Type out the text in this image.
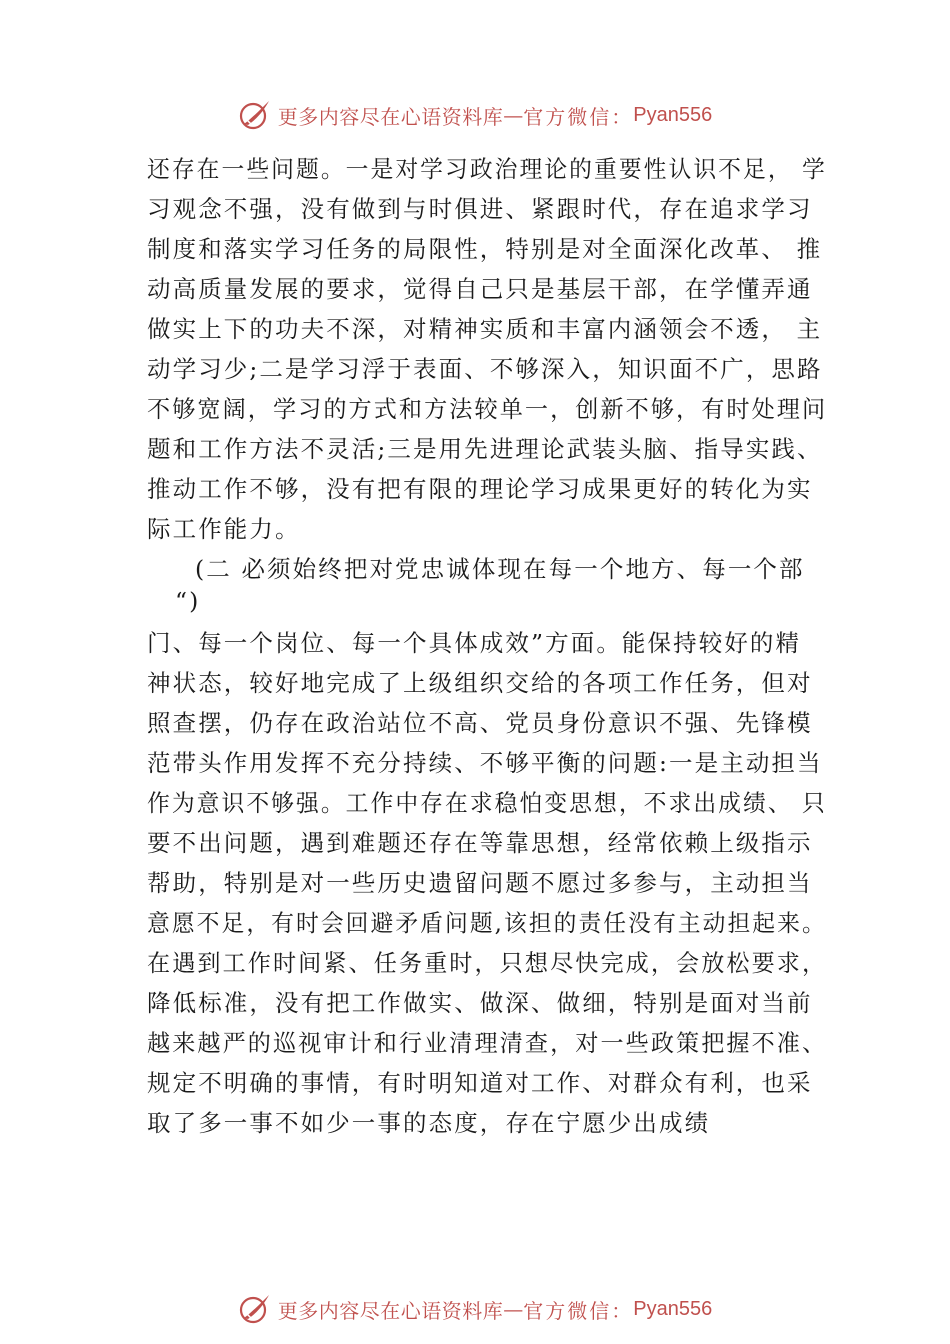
更多内容尽在心语资料库 — 官方微信： Pyan556
还存在一些问题。一是对学习政治理论的重要性认识不足， 学
习观念不强，没有做到与时俱进、紧跟时代，存在追求学习
制度和落实学习任务的局限性，特别是对全面深化改革、 推
动高质量发展的要求，觉得自己只是基层干部，在学懂弄通
做实上下的功夫不深，对精神实质和丰富内涵领会不透， 主
动学习少;二是学习浮于表面、不够深入，知识面不广，思路
不够宽阔，学习的方式和方法较单一，创新不够，有时处理问
题和工作方法不灵活;三是用先进理论武装头脑、指导实践、
推动工作不够，没有把有限的理论学习成果更好的转化为实
际工作能力。
(二 必须始终把对党忠诚体现在每一个地方、每一个部
“)
门、每一个岗位、每一个具体成效”方面。能保持较好的精
神状态，较好地完成了上级组织交给的各项工作任务，但对
照查摆，仍存在政治站位不高、党员身份意识不强、先锋模
范带头作用发挥不充分持续、不够平衡的问题:一是主动担当
作为意识不够强。工作中存在求稳怕变思想，不求出成绩、 只
要不出问题，遇到难题还存在等靠思想，经常依赖上级指示
帮助，特别是对一些历史遗留问题不愿过多参与，主动担当
意愿不足，有时会回避矛盾问题,该担的责任没有主动担起来。
在遇到工作时间紧、任务重时，只想尽快完成，会放松要求，
降低标准，没有把工作做实、做深、做细，特别是面对当前
越来越严的巡视审计和行业清理清查，对一些政策把握不准、
规定不明确的事情，有时明知道对工作、对群众有利，也采
取了多一事不如少一事的态度，存在宁愿少出成绩
更多内容尽在心语资料库 — 官方微信： Pyan556
